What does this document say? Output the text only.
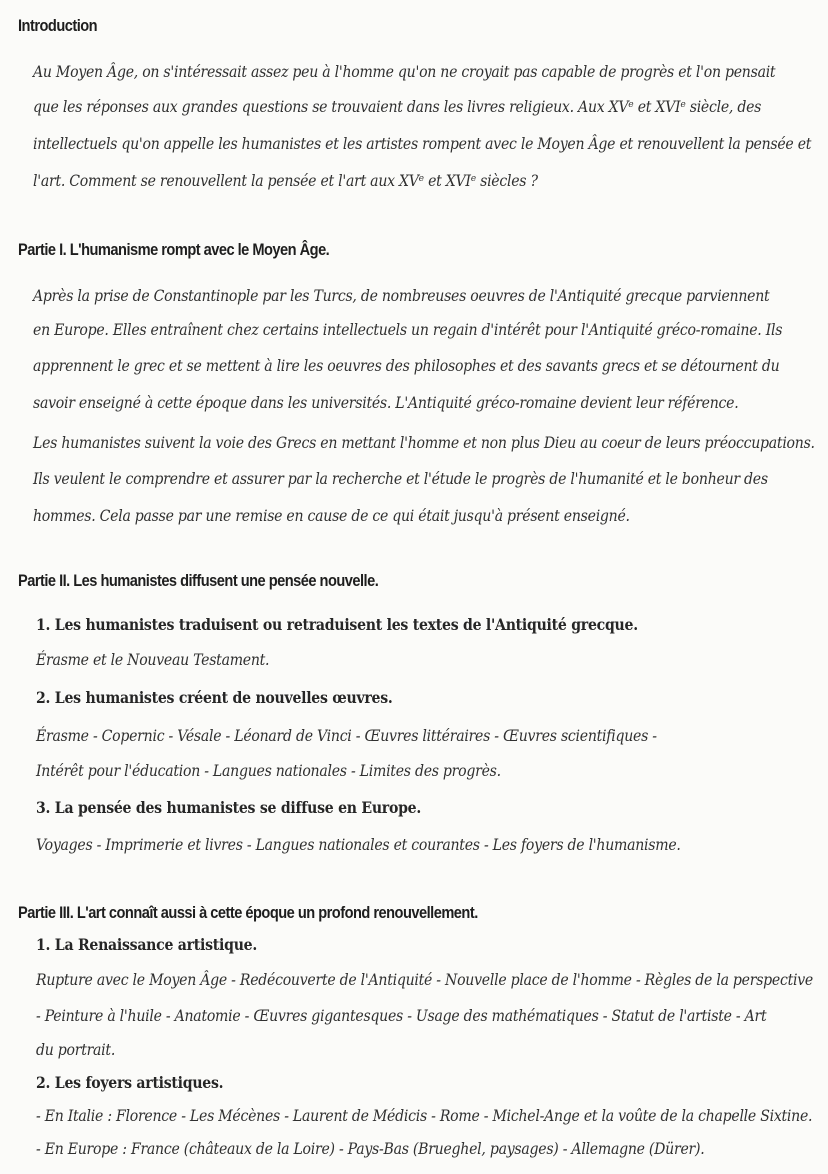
Introduction
Au Moyen Âge, on s'intéressait assez peu à l'homme qu'on ne croyait pas capable de progrès et l'on pensait
que les réponses aux grandes questions se trouvaient dans les livres religieux. Aux XVᵉ et XVIᵉ siècle, des
intellectuels qu'on appelle les humanistes et les artistes rompent avec le Moyen Âge et renouvellent la pensée et
l'art. Comment se renouvellent la pensée et l'art aux XVᵉ et XVIᵉ siècles ?
Partie I. L'humanisme rompt avec le Moyen Âge.
Après la prise de Constantinople par les Turcs, de nombreuses oeuvres de l'Antiquité grecque parviennent
en Europe. Elles entraînent chez certains intellectuels un regain d'intérêt pour l'Antiquité gréco-romaine. Ils
apprennent le grec et se mettent à lire les oeuvres des philosophes et des savants grecs et se détournent du
savoir enseigné à cette époque dans les universités. L'Antiquité gréco-romaine devient leur référence.
Les humanistes suivent la voie des Grecs en mettant l'homme et non plus Dieu au coeur de leurs préoccupations.
Ils veulent le comprendre et assurer par la recherche et l'étude le progrès de l'humanité et le bonheur des
hommes. Cela passe par une remise en cause de ce qui était jusqu'à présent enseigné.
Partie II. Les humanistes diffusent une pensée nouvelle.
1. Les humanistes traduisent ou retraduisent les textes de l'Antiquité grecque.
Érasme et le Nouveau Testament.
2. Les humanistes créent de nouvelles œuvres.
Érasme - Copernic - Vésale - Léonard de Vinci - Œuvres littéraires - Œuvres scientifiques -
Intérêt pour l'éducation - Langues nationales - Limites des progrès.
3. La pensée des humanistes se diffuse en Europe.
Voyages - Imprimerie et livres - Langues nationales et courantes - Les foyers de l'humanisme.
Partie III. L'art connaît aussi à cette époque un profond renouvellement.
1. La Renaissance artistique.
Rupture avec le Moyen Âge - Redécouverte de l'Antiquité - Nouvelle place de l'homme - Règles de la perspective
- Peinture à l'huile - Anatomie - Œuvres gigantesques - Usage des mathématiques - Statut de l'artiste - Art
du portrait.
2. Les foyers artistiques.
- En Italie : Florence - Les Mécènes - Laurent de Médicis - Rome - Michel-Ange et la voûte de la chapelle Sixtine.
- En Europe : France (châteaux de la Loire) - Pays-Bas (Brueghel, paysages) - Allemagne (Dürer).
